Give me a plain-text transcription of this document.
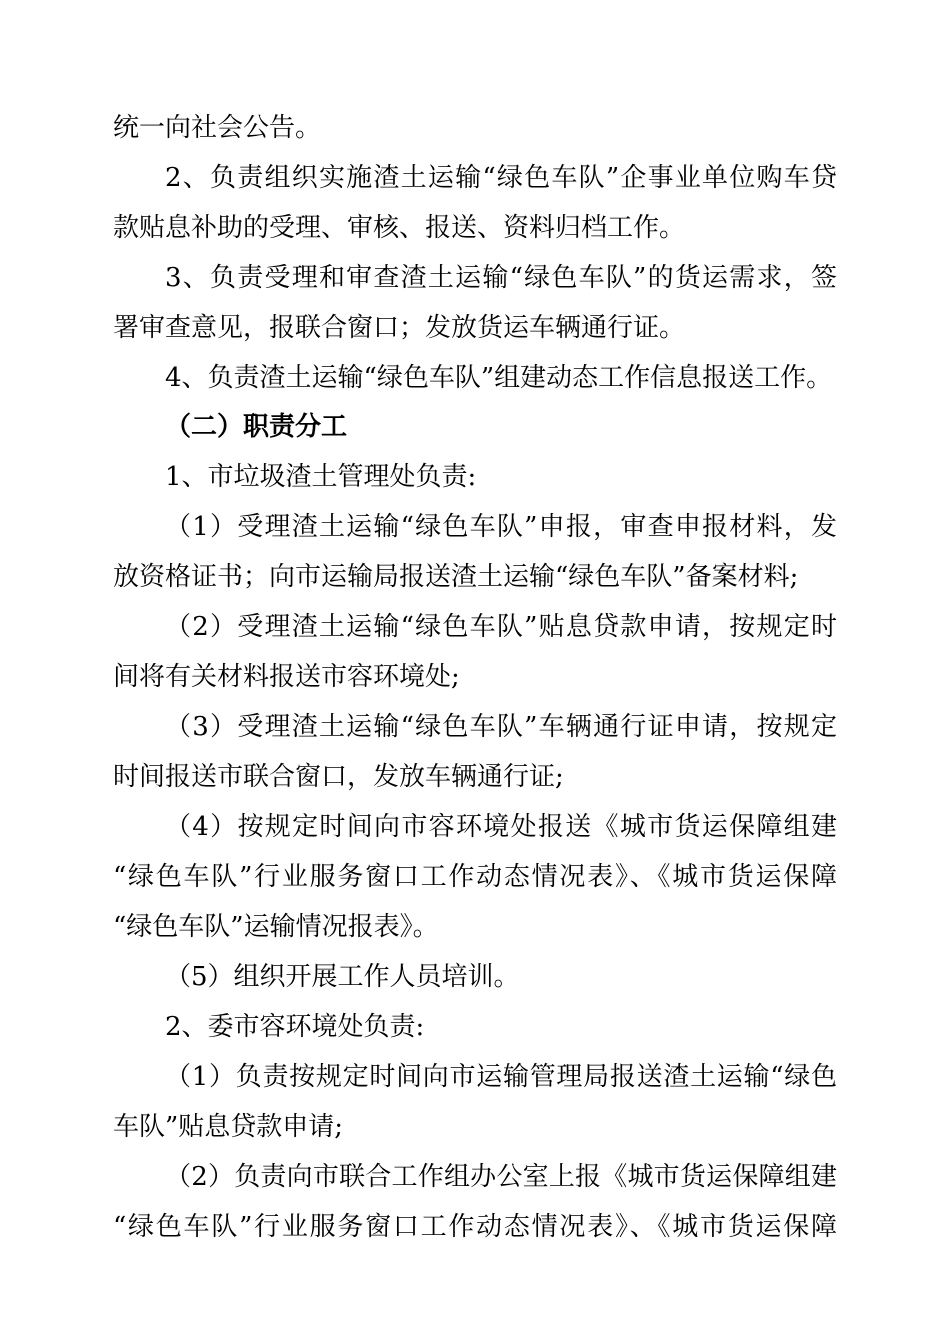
统一向社会公告。
2、负责组织实施渣土运输“绿色车队”企事业单位购车贷
款贴息补助的受理、审核、报送、资料归档工作。
3、负责受理和审查渣土运输“绿色车队”的货运需求，签
署审查意见，报联合窗口；发放货运车辆通行证。
4、负责渣土运输“绿色车队”组建动态工作信息报送工作。
（二）职责分工
1、市垃圾渣土管理处负责:
（1）受理渣土运输“绿色车队”申报，审查申报材料，发
放资格证书；向市运输局报送渣土运输“绿色车队”备案材料;
（2）受理渣土运输“绿色车队”贴息贷款申请，按规定时
间将有关材料报送市容环境处;
（3）受理渣土运输“绿色车队”车辆通行证申请，按规定
时间报送市联合窗口，发放车辆通行证;
（4）按规定时间向市容环境处报送《城市货运保障组建
“绿色车队”行业服务窗口工作动态情况表》、《城市货运保障
“绿色车队”运输情况报表》。
（5）组织开展工作人员培训。
2、委市容环境处负责:
（1）负责按规定时间向市运输管理局报送渣土运输“绿色
车队”贴息贷款申请;
（2）负责向市联合工作组办公室上报《城市货运保障组建
“绿色车队”行业服务窗口工作动态情况表》、《城市货运保障
